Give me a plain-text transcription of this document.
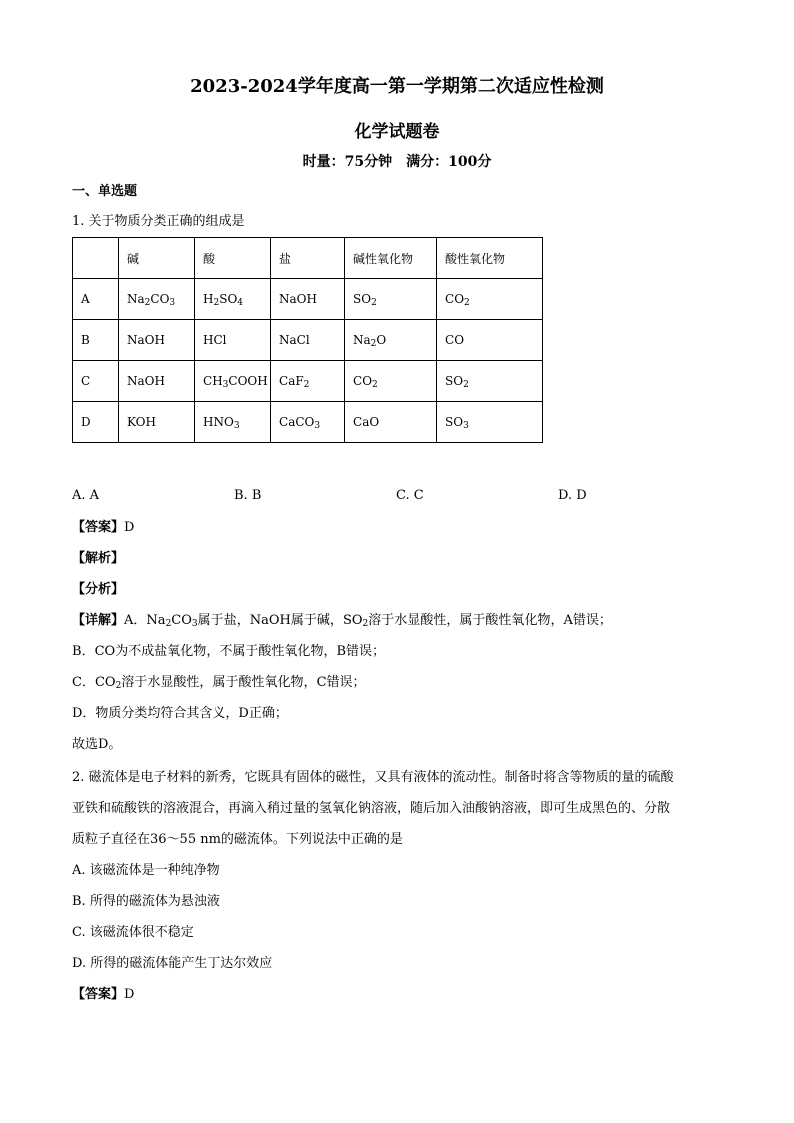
2023-2024学年度高一第一学期第二次适应性检测
化学试题卷
时量：75分钟　满分：100分
一、单选题
1. 关于物质分类正确的组成是
	碱	酸	盐	碱性氧化物	酸性氧化物
A	$Na_2CO_3$	$H_2SO_4$	NaOH	$SO_2$	$CO_2$
B	NaOH	HCl	NaCl	$Na_2O$	CO
C	NaOH	$CH_3COOH$	CaF$_2$	$CO_2$	$SO_2$
D	KOH	$HNO_3$	CaCO$_3$	CaO	$SO_3$
A. A	B. B	C. C	D. D
【答案】D
【解析】
【分析】
【详解】A．$Na_2CO_3$属于盐，NaOH属于碱，$SO_2$溶于水显酸性，属于酸性氧化物，A错误；
B．CO为不成盐氧化物，不属于酸性氧化物，B错误；
C．$CO_2$溶于水显酸性，属于酸性氧化物，C错误；
D．物质分类均符合其含义，D正确；
故选D。
2. 磁流体是电子材料的新秀，它既具有固体的磁性，又具有液体的流动性。制备时将含等物质的量的硫酸
亚铁和硫酸铁的溶液混合，再滴入稍过量的氢氧化钠溶液，随后加入油酸钠溶液，即可生成黑色的、分散
质粒子直径在36～55 nm的磁流体。下列说法中正确的是
A. 该磁流体是一种纯净物
B. 所得的磁流体为悬浊液
C. 该磁流体很不稳定
D. 所得的磁流体能产生丁达尔效应
【答案】D
